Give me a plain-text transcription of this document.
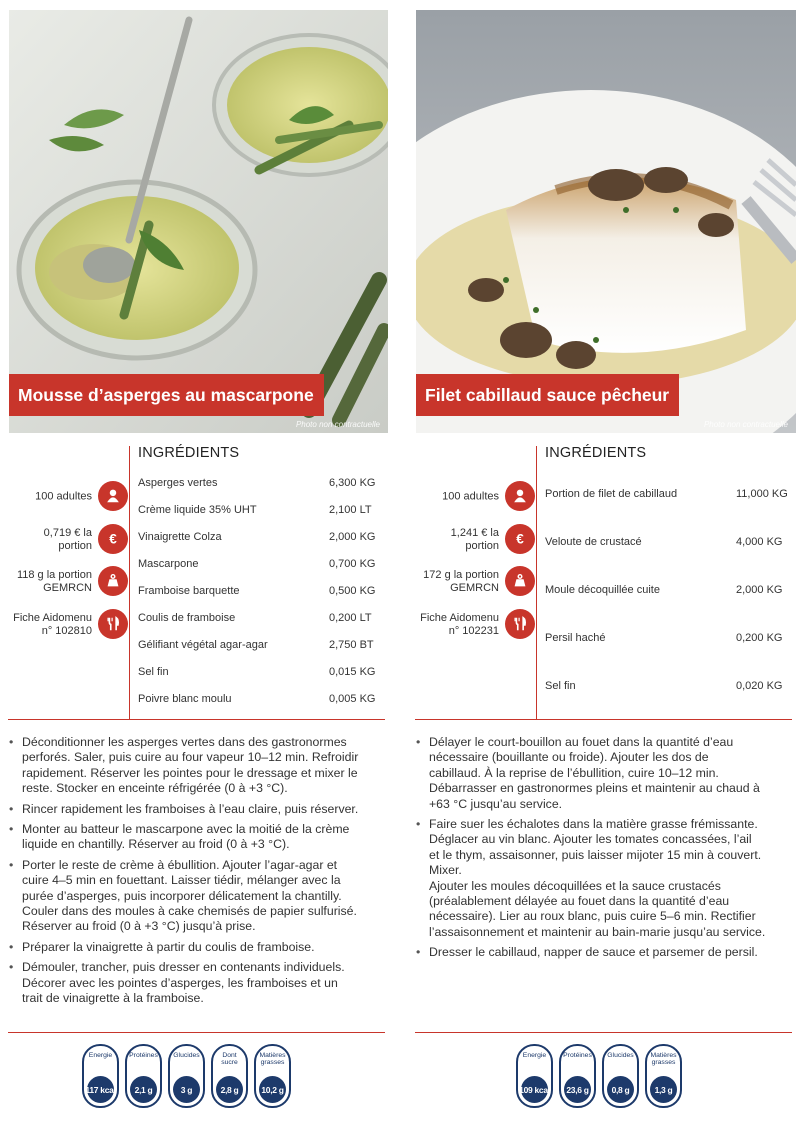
Mousse d’asperges au mascarpone
Photo non contractuelle
100 adultes
0,719 € la
portion €
118 g la portion
GEMRCN
Fiche Aidomenu
n° 102810
INGRÉDIENTS
Asperges vertes	6,300 KG
Crème liquide 35% UHT	2,100 LT
Vinaigrette Colza	2,000 KG
Mascarpone	0,700 KG
Framboise barquette	0,500 KG
Coulis de framboise	0,200 LT
Gélifiant végétal agar-agar	2,750 BT
Sel fin	0,015 KG
Poivre blanc moulu	0,005 KG
• Déconditionner les asperges vertes dans des gastronormes
perforés. Saler, puis cuire au four vapeur 10–12 min. Refroidir
rapidement. Réserver les pointes pour le dressage et mixer le
reste. Stocker en enceinte réfrigérée (0 à +3 °C).
• Rincer rapidement les framboises à l’eau claire, puis réserver.
• Monter au batteur le mascarpone avec la moitié de la crème
liquide en chantilly. Réserver au froid (0 à +3 °C).
• Porter le reste de crème à ébullition. Ajouter l’agar-agar et
cuire 4–5 min en fouettant. Laisser tiédir, mélanger avec la
purée d’asperges, puis incorporer délicatement la chantilly.
Couler dans des moules à cake chemisés de papier sulfurisé.
Réserver au froid (0 à +3 °C) jusqu’à prise.
• Préparer la vinaigrette à partir du coulis de framboise.
• Démouler, trancher, puis dresser en contenants individuels.
Décorer avec les pointes d’asperges, les framboises et un
trait de vinaigrette à la framboise.
Energie
117 kcal
Protéines
2,1 g
Glucides
3 g
Dont
sucre
2,8 g
Matières
grasses
10,2 g
Filet cabillaud sauce pêcheur
Photo non contractuelle
100 adultes
1,241 € la
portion €
172 g la portion
GEMRCN
Fiche Aidomenu
n° 102231
INGRÉDIENTS
Portion de filet de cabillaud	11,000 KG
Veloute de crustacé	4,000 KG
Moule décoquillée cuite	2,000 KG
Persil haché	0,200 KG
Sel fin	0,020 KG
• Délayer le court-bouillon au fouet dans la quantité d’eau
nécessaire (bouillante ou froide). Ajouter les dos de
cabillaud. À la reprise de l’ébullition, cuire 10–12 min.
Débarrasser en gastronormes pleins et maintenir au chaud à
+63 °C jusqu’au service.
• Faire suer les échalotes dans la matière grasse frémissante.
Déglacer au vin blanc. Ajouter les tomates concassées, l’ail
et le thym, assaisonner, puis laisser mijoter 15 min à couvert.
Mixer.
Ajouter les moules décoquillées et la sauce crustacés
(préalablement délayée au fouet dans la quantité d’eau
nécessaire). Lier au roux blanc, puis cuire 5–6 min. Rectifier
l’assaisonnement et maintenir au bain-marie jusqu’au service.
• Dresser le cabillaud, napper de sauce et parsemer de persil.
Energie
109 kcal
Protéines
23,6 g
Glucides
0,8 g
Matières
grasses
1,3 g
